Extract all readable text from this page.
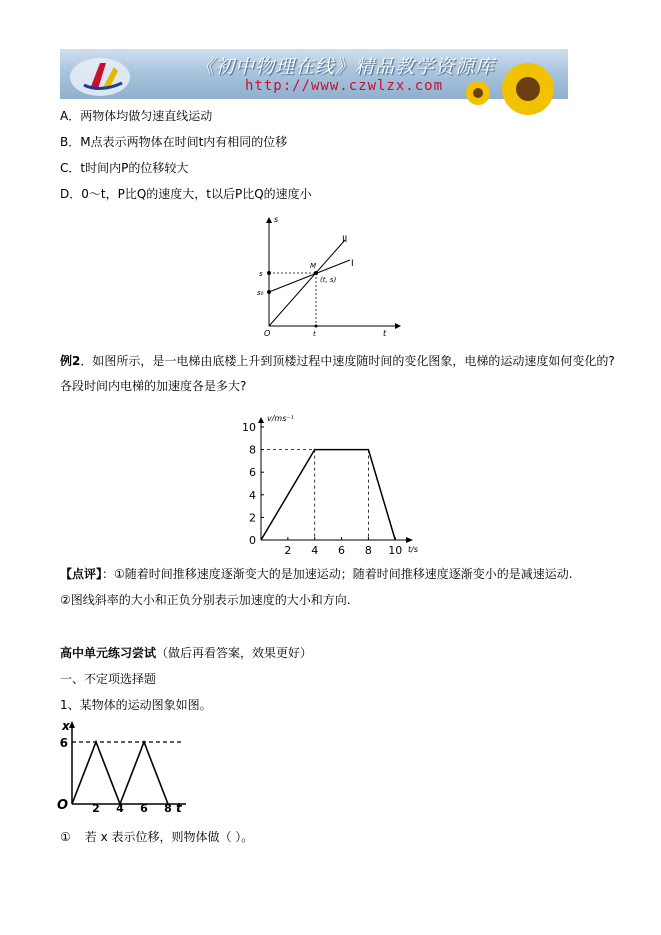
《初中物理在线》精品教学资源库
http://www.czwlzx.com
A．两物体均做匀速直线运动
B．M点表示两物体在时间t内有相同的位移
C．t时间内P的位移较大
D．0～t，P比Q的速度大，t以后P比Q的速度小
s
t
O
II
I
M
(t, s)
s
s₀
t
例2．如图所示，是一电梯由底楼上升到顶楼过程中速度随时间的变化图象，电梯的运动速度如何变化的?
各段时间内电梯的加速度各是多大?
0
2
4
6
8
10
2 4 6 8 10
v/ms⁻¹
t/s
【点评】：①随着时间推移速度逐渐变大的是加速运动；随着时间推移速度逐渐变小的是减速运动.
②图线斜率的大小和正负分别表示加速度的大小和方向.
高中单元练习尝试（做后再看答案，效果更好）
一、不定项选择题
1、某物体的运动图象如图。
2 4 6 8
6
O
x
t
① 若 x 表示位移，则物体做（ ）。
